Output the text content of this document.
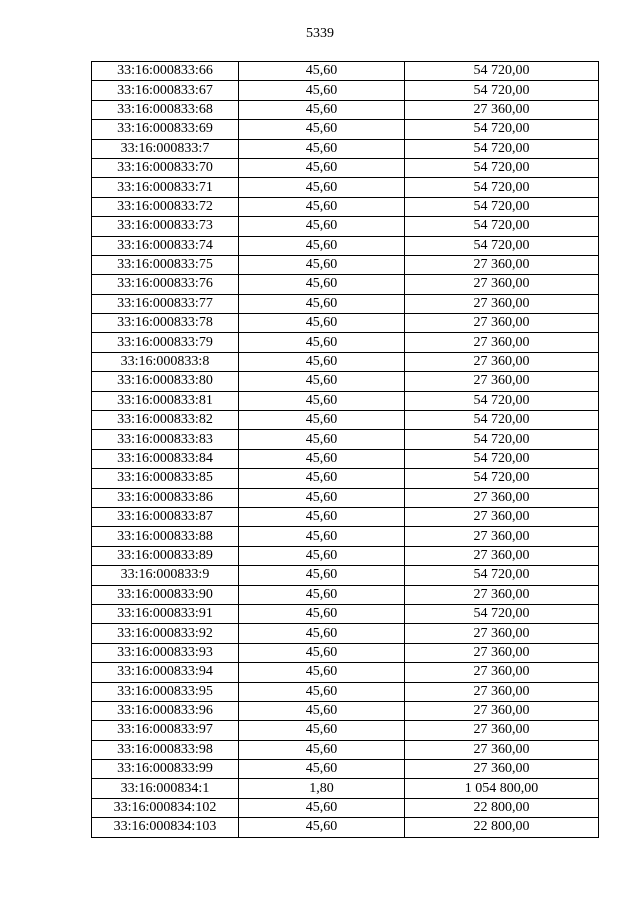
5339
33:16:000833:66	45,60	54 720,00
33:16:000833:67	45,60	54 720,00
33:16:000833:68	45,60	27 360,00
33:16:000833:69	45,60	54 720,00
33:16:000833:7	45,60	54 720,00
33:16:000833:70	45,60	54 720,00
33:16:000833:71	45,60	54 720,00
33:16:000833:72	45,60	54 720,00
33:16:000833:73	45,60	54 720,00
33:16:000833:74	45,60	54 720,00
33:16:000833:75	45,60	27 360,00
33:16:000833:76	45,60	27 360,00
33:16:000833:77	45,60	27 360,00
33:16:000833:78	45,60	27 360,00
33:16:000833:79	45,60	27 360,00
33:16:000833:8	45,60	27 360,00
33:16:000833:80	45,60	27 360,00
33:16:000833:81	45,60	54 720,00
33:16:000833:82	45,60	54 720,00
33:16:000833:83	45,60	54 720,00
33:16:000833:84	45,60	54 720,00
33:16:000833:85	45,60	54 720,00
33:16:000833:86	45,60	27 360,00
33:16:000833:87	45,60	27 360,00
33:16:000833:88	45,60	27 360,00
33:16:000833:89	45,60	27 360,00
33:16:000833:9	45,60	54 720,00
33:16:000833:90	45,60	27 360,00
33:16:000833:91	45,60	54 720,00
33:16:000833:92	45,60	27 360,00
33:16:000833:93	45,60	27 360,00
33:16:000833:94	45,60	27 360,00
33:16:000833:95	45,60	27 360,00
33:16:000833:96	45,60	27 360,00
33:16:000833:97	45,60	27 360,00
33:16:000833:98	45,60	27 360,00
33:16:000833:99	45,60	27 360,00
33:16:000834:1	1,80	1 054 800,00
33:16:000834:102	45,60	22 800,00
33:16:000834:103	45,60	22 800,00
